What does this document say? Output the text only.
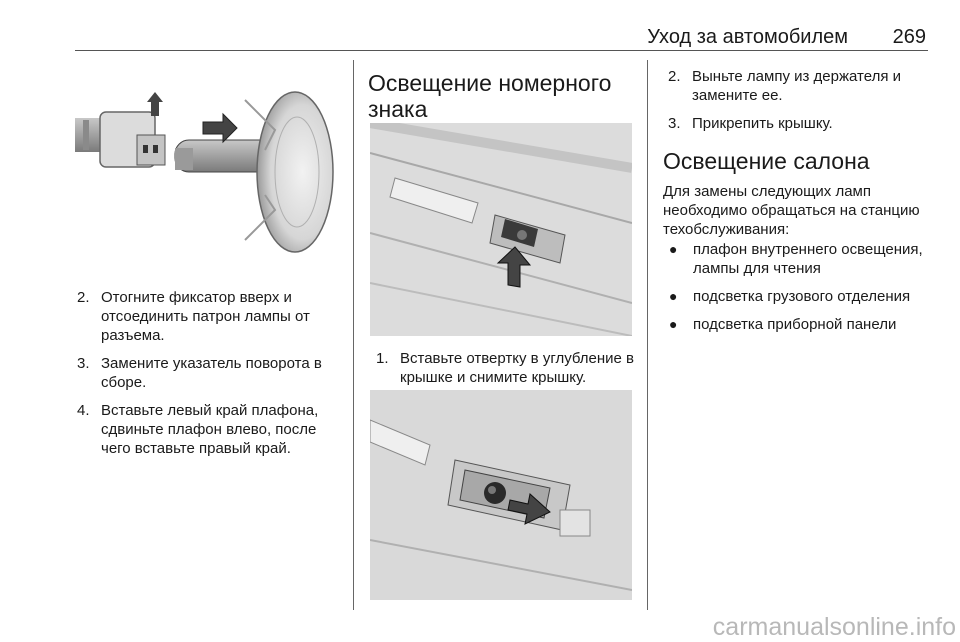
Уход за автомобилем 269
2. Отогните фиксатор вверх и отсоединить патрон лампы от разъема.
3. Замените указатель поворота в сборе.
4. Вставьте левый край плафона, сдвиньте плафон влево, после чего вставьте правый край.
Освещение номерного знака
1. Вставьте отвертку в углубление в крышке и снимите крышку.
2. Выньте лампу из держателя и замените ее.
3. Прикрепить крышку.
Освещение салона

Для замены следующих ламп необходимо обращаться на станцию техобслуживания:

● плафон внутреннего освещения, лампы для чтения
● подсветка грузового отделения
● подсветка приборной панели
carmanualsonline.info
